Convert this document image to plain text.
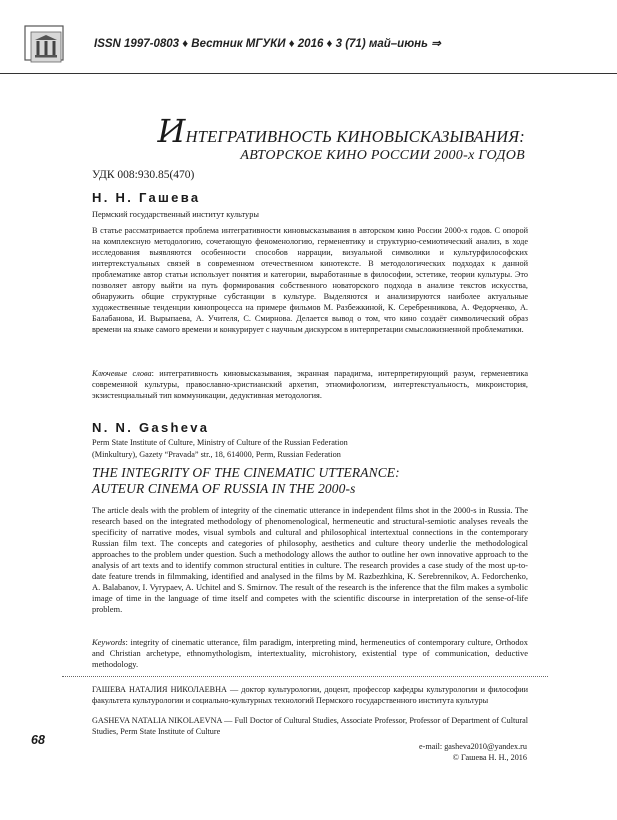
ISSN 1997-0803 ♦ Вестник МГУКИ ♦ 2016 ♦ 3 (71) май–июнь ⇒
ИНТЕГРАТИВНОСТЬ КИНОВЫСКАЗЫВАНИЯ:
АВТОРСКОЕ КИНО РОССИИ 2000-х ГОДОВ
УДК 008:930.85(470)
Н. Н. Гашева
Пермский государственный институт культуры
В статье рассматривается проблема интегративности киновысказывания в авторском кино России 2000-х годов. С опорой на комплексную методологию, сочетающую феноменологию, герменевтику и структурно-семиотический анализ, в ходе исследования выявляются особенности способов наррации, визуальной символики и культурфилософских интертекстуальных связей в современном отечественном кинотексте. В методологических подходах к данной проблематике автор статьи использует понятия и категории, выработанные в философии, эстетике, теории культуры. Это позволяет автору выйти на путь формирования собственного новаторского подхода в анализе текстов искусства, обнаружить общие структурные субстанции в культуре. Выделяются и анализируются наиболее актуальные художественные тенденции кинопроцесса на примере фильмов М. Разбежкиной, К. Серебренникова, А. Федорченко, А. Балабанова, И. Вырыпаева, А. Учителя, С. Смирнова. Делается вывод о том, что кино создаёт символический образ времени на языке самого времени и конкурирует с научным дискурсом в интерпретации смысложизненной проблематики.
Ключевые слова: интегративность киновысказывания, экранная парадигма, интерпретирующий разум, герменевтика современной культуры, православно-христианский архетип, этномифологизм, интертекстуальность, микроистория, экзистенциальный тип коммуникации, дедуктивная методология.
N. N. Gasheva
Perm State Institute of Culture, Ministry of Culture of the Russian Federation
(Minkultury), Gazety “Pravada” str., 18, 614000, Perm, Russian Federation
THE INTEGRITY OF THE CINEMATIC UTTERANCE:
AUTEUR CINEMA OF RUSSIA IN THE 2000-s
The article deals with the problem of integrity of the cinematic utterance in independent films shot in the 2000-s in Russia. The research based on the integrated methodology of phenomenological, hermeneutic and structural-semiotic analyses reveals the specificity of narrative modes, visual symbols and cultural and philosophical intertextual connections in the contemporary Russian film text. The concepts and categories of philosophy, aesthetics and culture theory underlie the methodological approaches to the problem under question. Such a methodology allows the author to outline her own innovative approach to the analysis of art texts and to identify common structural entities in culture. The research provides a case study of the most up-to-date feature trends in filmmaking, identified and analysed in the films by M. Razbezhkina, K. Serebrennikov, A. Fedorchenko, A. Balabanov, I. Vyrypaev, A. Uchitel and S. Smirnov. The result of the research is the inference that the film makes a symbolic image of time in the language of time itself and competes with the scientific discourse in interpretation of the sense-of-life problem.
Keywords: integrity of cinematic utterance, film paradigm, interpreting mind, hermeneutics of contemporary culture, Orthodox and Christian archetype, ethnomythologism, intertextuality, microhistory, existential type of communication, deductive methodology.
ГАШЕВА НАТАЛИЯ НИКОЛАЕВНА — доктор культурологии, доцент, профессор кафедры культурологии и философии факультета культурологии и социально-культурных технологий Пермского государственного института культуры
GASHEVA NATALIA NIKOLAEVNA — Full Doctor of Cultural Studies, Associate Professor, Professor of Department of Cultural Studies, Perm State Institute of Culture
e-mail: gasheva2010@yandex.ru
© Гашева Н. Н., 2016
68
